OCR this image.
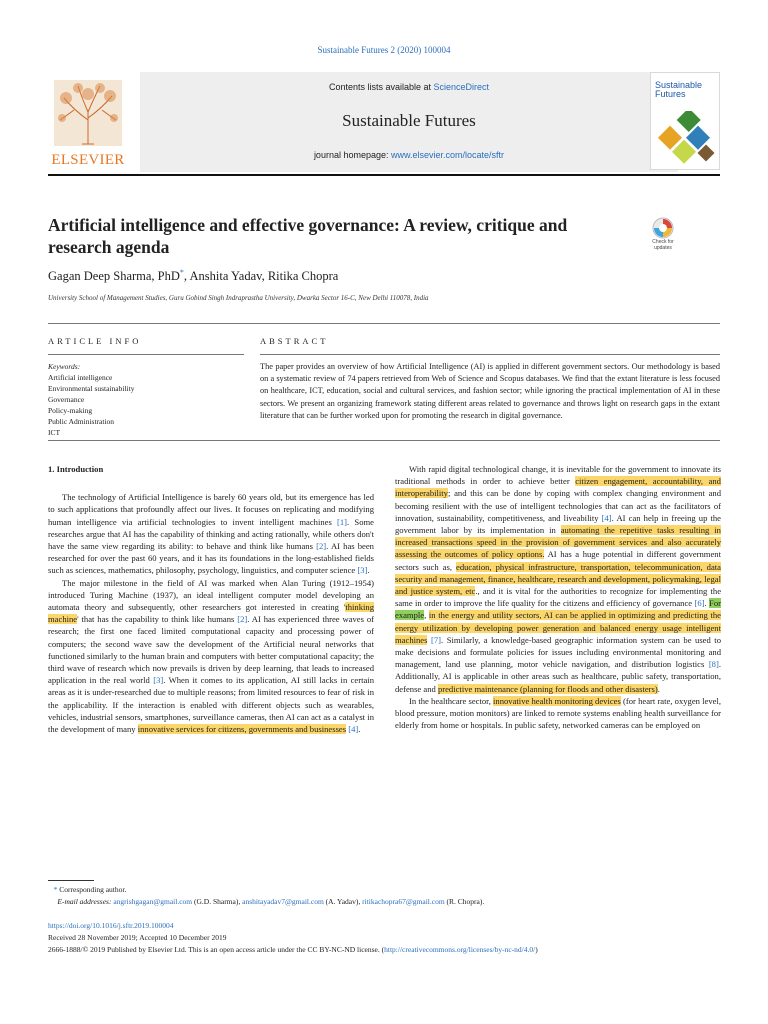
Sustainable Futures 2 (2020) 100004
ELSEVIER
Contents lists available at ScienceDirect
Sustainable Futures
journal homepage: www.elsevier.com/locate/sftr
Sustainable
Futures
Artificial intelligence and effective governance: A review, critique and research agenda	Check for updates
Gagan Deep Sharma, PhD*, Anshita Yadav, Ritika Chopra
University School of Management Studies, Guru Gobind Singh Indraprastha University, Dwarka Sector 16-C, New Delhi 110078, India
ARTICLE INFO	ABSTRACT
Keywords:
Artificial intelligence
Environmental sustainability
Governance
Policy-making
Public Administration
ICT
The paper provides an overview of how Artificial Intelligence (AI) is applied in different government sectors. Our methodology is based on a systematic review of 74 papers retrieved from Web of Science and Scopus databases. We find that the extant literature is less focused on healthcare, ICT, education, social and cultural services, and fashion sector; while ignoring the practical implementation of AI in these sectors. We present an organizing framework stating different areas related to governance and throws light on research gaps in the extant literature that can be further worked upon for promoting the research in digital governance.
1. Introduction

The technology of Artificial Intelligence is barely 60 years old, but its emergence has led to such applications that profoundly affect our lives. It focuses on replicating and modifying human intelligence via artificial technologies to invent intelligent machines [1]. Some researches argue that AI has the capability of thinking and acting rationally, while others don't have the same view regarding its ability: to behave and think like humans [2]. AI has been researched for over the past 60 years, and it has its foundations in the long-established fields such as sciences, mathematics, philosophy, psychology, linguistics, and computer science [3].

The major milestone in the field of AI was marked when Alan Turing (1912–1954) introduced Turing Machine (1937), an ideal intelligent computer model developing an automata theory and subsequently, other researchers got interested in creating 'thinking machine' that has the capability to think like humans [2]. AI has experienced three waves of research; the first one faced limited computational capacity and processing power of computers; the second wave saw the development of the Artificial neural networks that functioned similarly to the human brain and computers with better computational capacity; the third wave of research which now prevails is driven by deep learning, that leads to increased application in the real world [3]. When it comes to its application, AI still lacks in certain areas as it is under-researched due to multiple reasons; from limited resources to fear of risk in the applicability. If the interaction is enabled with different objects such as wearables, vehicles, industrial sensors, smartphones, surveillance cameras, then AI can act as a catalyst in the development of many innovative services for citizens, governments and businesses [4].

With rapid digital technological change, it is inevitable for the government to innovate its traditional methods in order to achieve better citizen engagement, accountability, and interoperability; and this can be done by coping with complex changing environment and becoming resilient with the use of intelligent technologies that can act as the facilitators of innovation, sustainability, competitiveness, and liveability [4]. AI can help in freeing up the government labor by its implementation in automating the repetitive tasks resulting in increased transactions speed in the provision of government services and also accurately assessing the outcomes of policy options. AI has a huge potential in different government sectors such as, education, physical infrastructure, transportation, telecommunication, data security and management, finance, healthcare, research and development, policymaking, legal and justice system, etc., and it is vital for the authorities to recognize for implementing the same in order to improve the life quality for the citizens and efficiency of governance [6]. For example, in the energy and utility sectors, AI can be applied in optimizing and predicting the energy utilization by developing power generation and balanced energy usage intelligent machines [7]. Similarly, a knowledge-based geographic information system can be used to make decisions and formulate policies for issues including environmental monitoring and management, land use planning, motor vehicle navigation, and distribution logistics [8]. Additionally, AI is applicable in other areas such as healthcare, public safety, transportation, defense and predictive maintenance (planning for floods and other disasters).

In the healthcare sector, innovative health monitoring devices (for heart rate, oxygen level, blood pressure, motion monitors) are linked to remote systems enabling health surveillance for elderly from home or hospitals. In public safety, networked cameras can be employed on

* Corresponding author.
E-mail addresses: angrishgagan@gmail.com (G.D. Sharma), anshitayadav7@gmail.com (A. Yadav), ritikachopra67@gmail.com (R. Chopra).
https://doi.org/10.1016/j.sftr.2019.100004
Received 28 November 2019; Accepted 10 December 2019
2666-1888/© 2019 Published by Elsevier Ltd. This is an open access article under the CC BY-NC-ND license. (http://creativecommons.org/licenses/by-nc-nd/4.0/)
